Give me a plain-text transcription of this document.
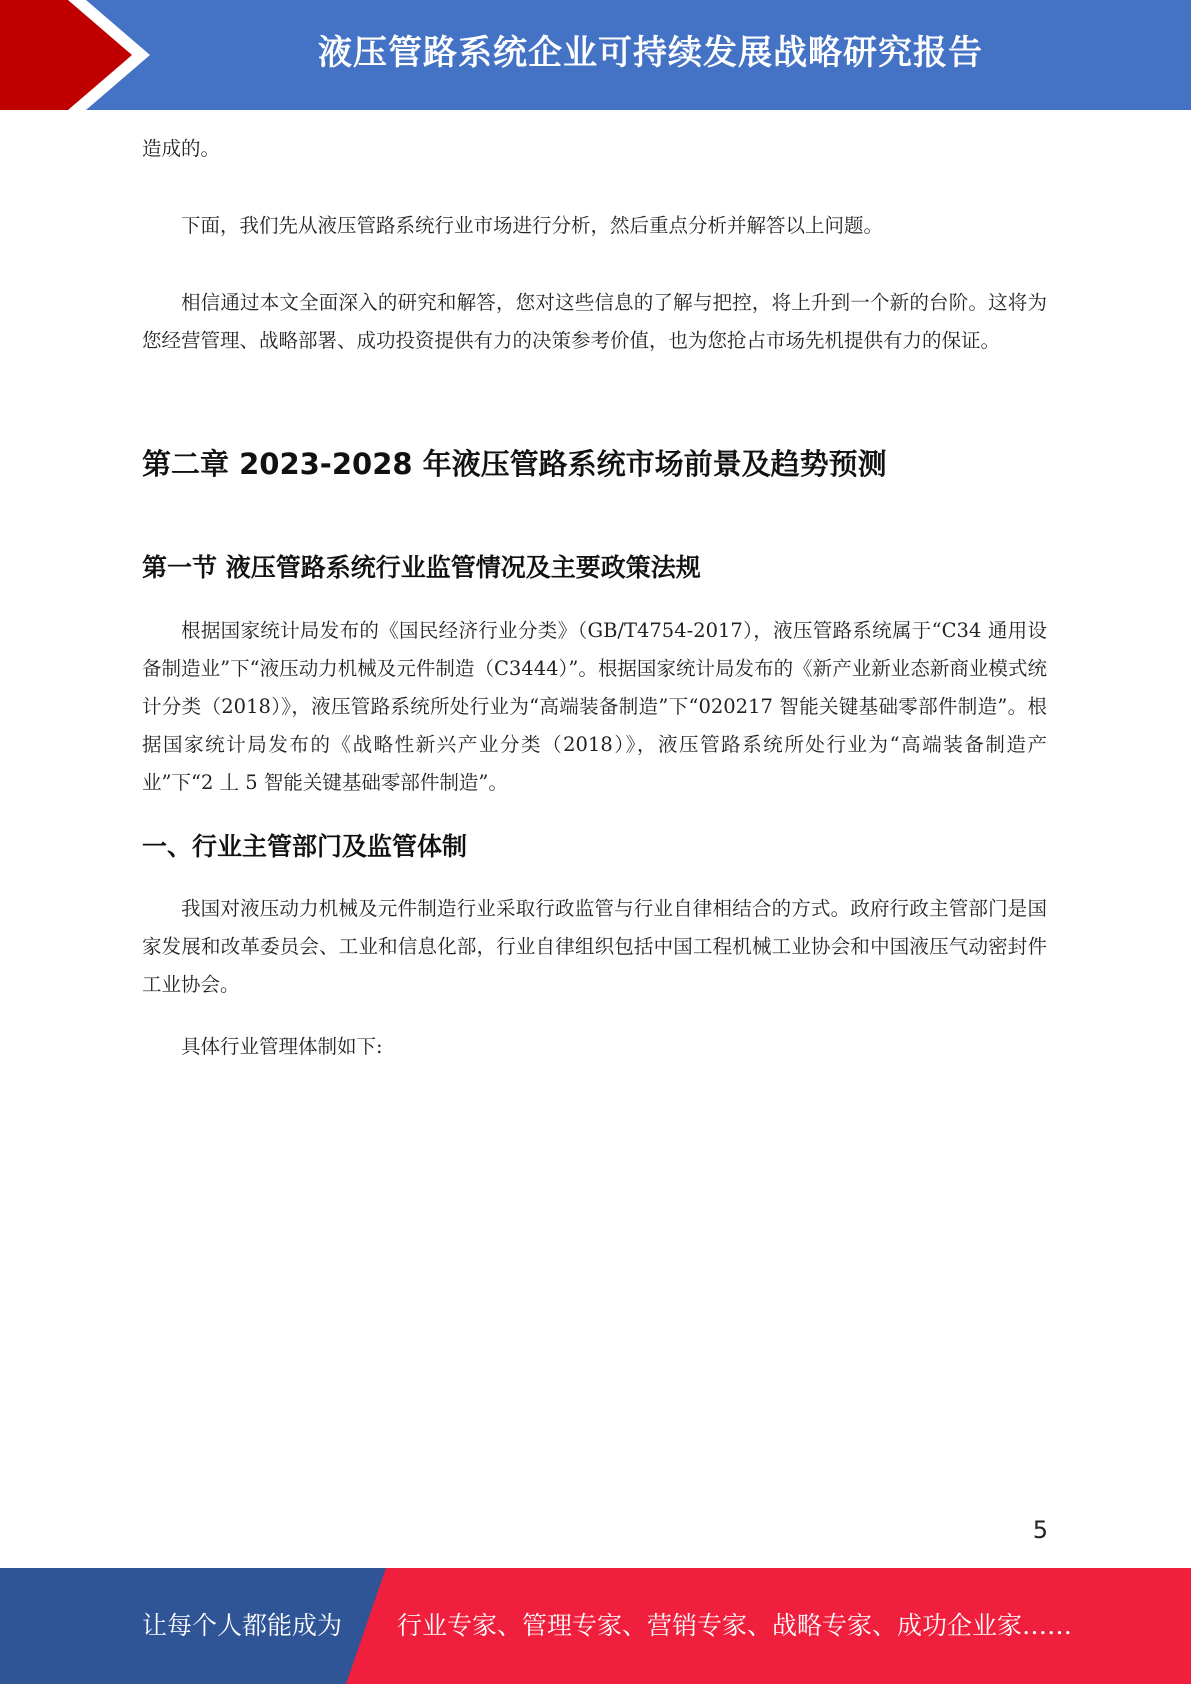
液压管路系统企业可持续发展战略研究报告

造成的。

下面，我们先从液压管路系统行业市场进行分析，然后重点分析并解答以上问题。

相信通过本文全面深入的研究和解答，您对这些信息的了解与把控，将上升到一个新的台阶。这将为您经营管理、战略部署、成功投资提供有力的决策参考价值，也为您抢占市场先机提供有力的保证。

第二章 2023-2028 年液压管路系统市场前景及趋势预测
第一节 液压管路系统行业监管情况及主要政策法规

根据国家统计局发布的《国民经济行业分类》（GB/T4754-2017），液压管路系统属于“C34 通用设备制造业”下“液压动力机械及元件制造（C3444）”。根据国家统计局发布的《新产业新业态新商业模式统计分类（2018）》，液压管路系统所处行业为“高端装备制造”下“020217 智能关键基础零部件制造”。根据国家统计局发布的《战略性新兴产业分类（2018）》，液压管路系统所处行业为“高端装备制造产业”下“2 丄 5 智能关键基础零部件制造”。

一、行业主管部门及监管体制

我国对液压动力机械及元件制造行业采取行政监管与行业自律相结合的方式。政府行政主管部门是国家发展和改革委员会、工业和信息化部，行业自律组织包括中国工程机械工业协会和中国液压气动密封件工业协会。

具体行业管理体制如下:

5
让每个人都能成为 行业专家、管理专家、营销专家、战略专家、成功企业家……
